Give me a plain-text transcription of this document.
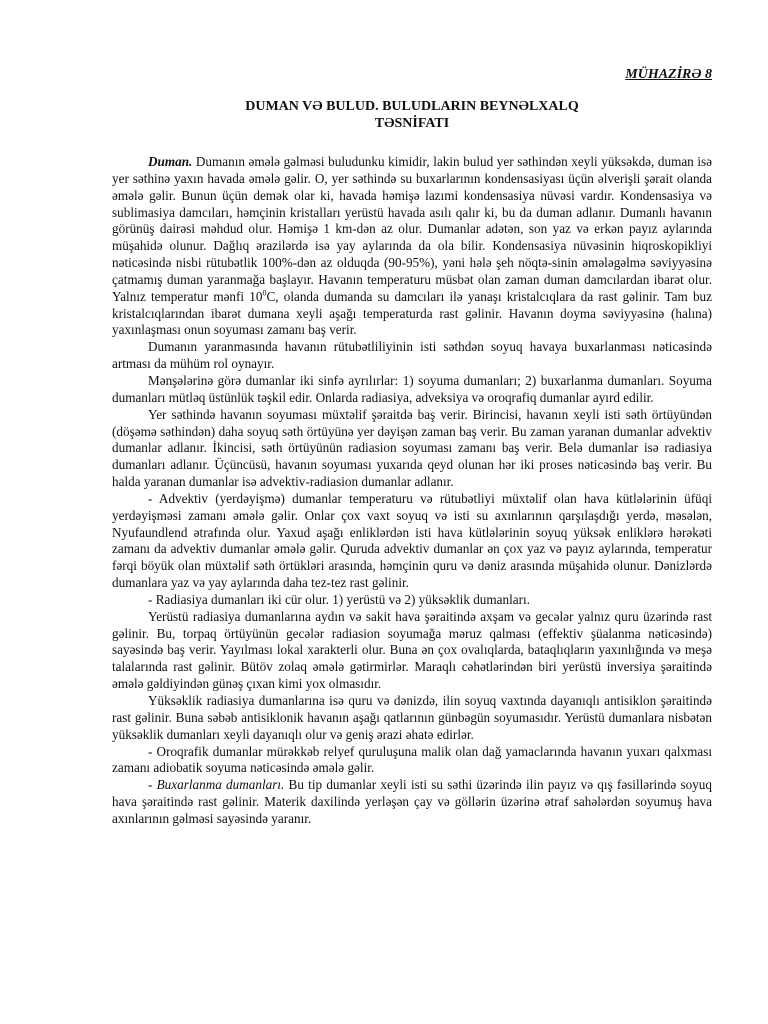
MÜHAZİRƏ 8

DUMAN VƏ BULUD. BULUDLARIN BEYNƏLXALQ
TƏSNİFATI

Duman. Dumanın əmələ gəlməsi buludunku kimidir, lakin bulud yer səthindən xeyli yüksəkdə, duman isə yer səthinə yaxın havada əmələ gəlir. O, yer səthində su buxarlarının kondensasiyası üçün əlverişli şərait olanda əmələ gəlir. Bunun üçün demək olar ki, havada həmişə lazımi kondensasiya nüvəsi vardır. Kondensasiya və sublimasiya damcıları, həmçinin kristalları yerüstü havada asılı qalır ki, bu da duman adlanır. Dumanlı havanın görünüş dairəsi məhdud olur. Həmişə 1 km-dən az olur. Dumanlar adətən, son yaz və erkən payız aylarında müşahidə olunur. Dağlıq ərazilərdə isə yay aylarında da ola bilir. Kondensasiya nüvəsinin hiqroskopikliyi nəticəsində nisbi rütubətlik 100%-dən az olduqda (90-95%), yəni hələ şeh nöqtə-sinin əmələgəlmə səviyyəsinə çatmamış duman yaranmağa başlayır. Havanın temperaturu müsbət olan zaman duman damcılardan ibarət olur. Yalnız temperatur mənfi $10^0C$, olanda dumanda su damcıları ilə yanaşı kristalcıqlara da rast gəlinir. Tam buz kristalcıqlarından ibarət dumana xeyli aşağı temperaturda rast gəlinir. Havanın doyma səviyyəsinə (halına) yaxınlaşması onun soyuması zamanı baş verir.

Dumanın yaranmasında havanın rütubətliliyinin isti səthdən soyuq havaya buxarlanması nəticəsində artması da mühüm rol oynayır.

Mənşələrinə görə dumanlar iki sinfə ayrılırlar: 1) soyuma dumanları; 2) buxarlanma dumanları. Soyuma dumanları mütləq üstünlük təşkil edir. Onlarda radiasiya, adveksiya və oroqrafiq dumanlar ayırd edilir.

Yer səthində havanın soyuması müxtəlif şəraitdə baş verir. Birincisi, havanın xeyli isti səth örtüyündən (döşəmə səthindən) daha soyuq səth örtüyünə yer dəyişən zaman baş verir. Bu zaman yaranan dumanlar advektiv dumanlar adlanır. İkincisi, səth örtüyünün radiasion soyuması zamanı baş verir. Belə dumanlar isə radiasiya dumanları adlanır. Üçüncüsü, havanın soyuması yuxarıda qeyd olunan hər iki proses nəticəsində baş verir. Bu halda yaranan dumanlar isə advektiv-radiasion dumanlar adlanır.

- Advektiv (yerdəyişmə) dumanlar temperaturu və rütubətliyi müxtəlif olan hava kütlələrinin üfüqi yerdəyişməsi zamanı əmələ gəlir. Onlar çox vaxt soyuq və isti su axınlarının qarşılaşdığı yerdə, məsələn, Nyufaundlend ətrafında olur. Yaxud aşağı enliklərdən isti hava kütlələrinin soyuq yüksək enliklərə hərəkəti zamanı da advektiv dumanlar əmələ gəlir. Quruda advektiv dumanlar ən çox yaz və payız aylarında, temperatur fərqi böyük olan müxtəlif səth örtükləri arasında, həmçinin quru və dəniz arasında müşahidə olunur. Dənizlərdə dumanlara yaz və yay aylarında daha tez-tez rast gəlinir.

- Radiasiya dumanları iki cür olur. 1) yerüstü və 2) yüksəklik dumanları.

Yerüstü radiasiya dumanlarına aydın və sakit hava şəraitində axşam və gecələr yalnız quru üzərində rast gəlinir. Bu, torpaq örtüyünün gecələr radiasion soyumağa məruz qalması (effektiv şüalanma nəticəsində) sayəsində baş verir. Yayılması lokal xarakterli olur. Buna ən çox ovalıqlarda, bataqlıqların yaxınlığında və meşə talalarında rast gəlinir. Bütöv zolaq əmələ gətirmirlər. Maraqlı cəhətlərindən biri yerüstü inversiya şəraitində əmələ gəldiyindən günəş çıxan kimi yox olmasıdır.

Yüksəklik radiasiya dumanlarına isə quru və dənizdə, ilin soyuq vaxtında dayanıqlı antisiklon şəraitində rast gəlinir. Buna səbəb antisiklonik havanın aşağı qatlarının günbəgün soyumasıdır. Yerüstü dumanlara nisbətən yüksəklik dumanları xeyli dayanıqlı olur və geniş ərazi əhatə edirlər.

- Oroqrafik dumanlar mürəkkəb relyef quruluşuna malik olan dağ yamaclarında havanın yuxarı qalxması zamanı adiobatik soyuma nəticəsində əmələ gəlir.

- Buxarlanma dumanları. Bu tip dumanlar xeyli isti su səthi üzərində ilin payız və qış fəsillərində soyuq hava şəraitində rast gəlinir. Materik daxilində yerləşən çay və göllərin üzərinə ətraf sahələrdən soyumuş hava axınlarının gəlməsi sayəsində yaranır.
